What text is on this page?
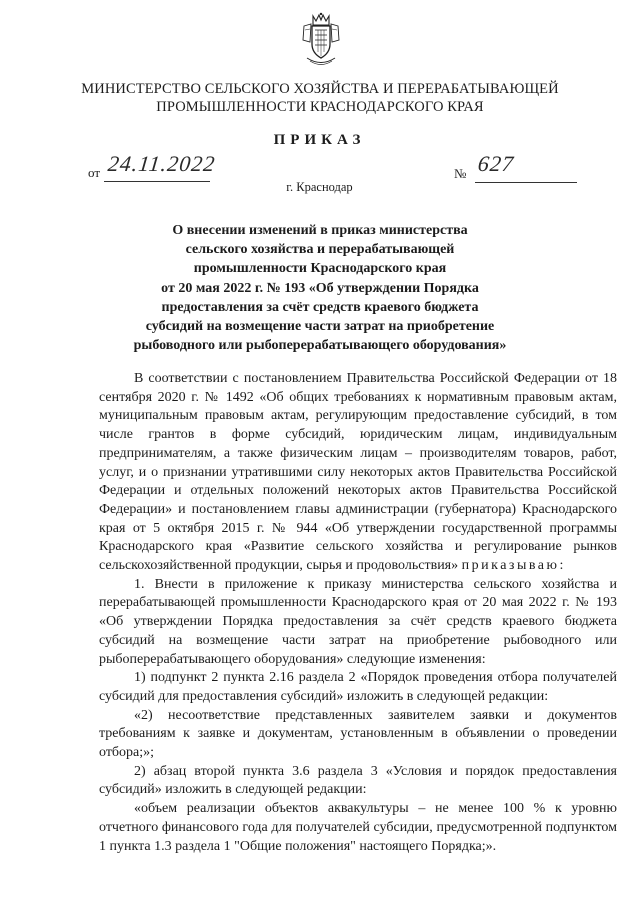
МИНИСТЕРСТВО СЕЛЬСКОГО ХОЗЯЙСТВА И ПЕРЕРАБАТЫВАЮЩЕЙ
ПРОМЫШЛЕННОСТИ КРАСНОДАРСКОГО КРАЯ
ПРИКАЗ
от 24.11.2022	№ 627
г. Краснодар
О внесении изменений в приказ министерства
сельского хозяйства и перерабатывающей
промышленности Краснодарского края
от 20 мая 2022 г. № 193 «Об утверждении Порядка
предоставления за счёт средств краевого бюджета
субсидий на возмещение части затрат на приобретение
рыбоводного или рыбоперерабатывающего оборудования»

В соответствии с постановлением Правительства Российской Федерации от 18 сентября 2020 г. № 1492 «Об общих требованиях к нормативным правовым актам, муниципальным правовым актам, регулирующим предоставление субсидий, в том числе грантов в форме субсидий, юридическим лицам, индивидуальным предпринимателям, а также физическим лицам – производителям товаров, работ, услуг, и о признании утратившими силу некоторых актов Правительства Российской Федерации и отдельных положений некоторых актов Правительства Российской Федерации» и постановлением главы администрации (губернатора) Краснодарского края от 5 октября 2015 г. № 944 «Об утверждении государственной программы Краснодарского края «Развитие сельского хозяйства и регулирование рынков сельскохозяйственной продукции, сырья и продовольствия» приказываю:

1. Внести в приложение к приказу министерства сельского хозяйства и перерабатывающей промышленности Краснодарского края от 20 мая 2022 г. № 193 «Об утверждении Порядка предоставления за счёт средств краевого бюджета субсидий на возмещение части затрат на приобретение рыбоводного или рыбоперерабатывающего оборудования» следующие изменения:

1) подпункт 2 пункта 2.16 раздела 2 «Порядок проведения отбора получателей субсидий для предоставления субсидий» изложить в следующей редакции:

«2) несоответствие представленных заявителем заявки и документов требованиям к заявке и документам, установленным в объявлении о проведении отбора;»;

2) абзац второй пункта 3.6 раздела 3 «Условия и порядок предоставления субсидий» изложить в следующей редакции:

«объем реализации объектов аквакультуры – не менее 100 % к уровню отчетного финансового года для получателей субсидии, предусмотренной подпунктом 1 пункта 1.3 раздела 1 "Общие положения" настоящего Порядка;».
